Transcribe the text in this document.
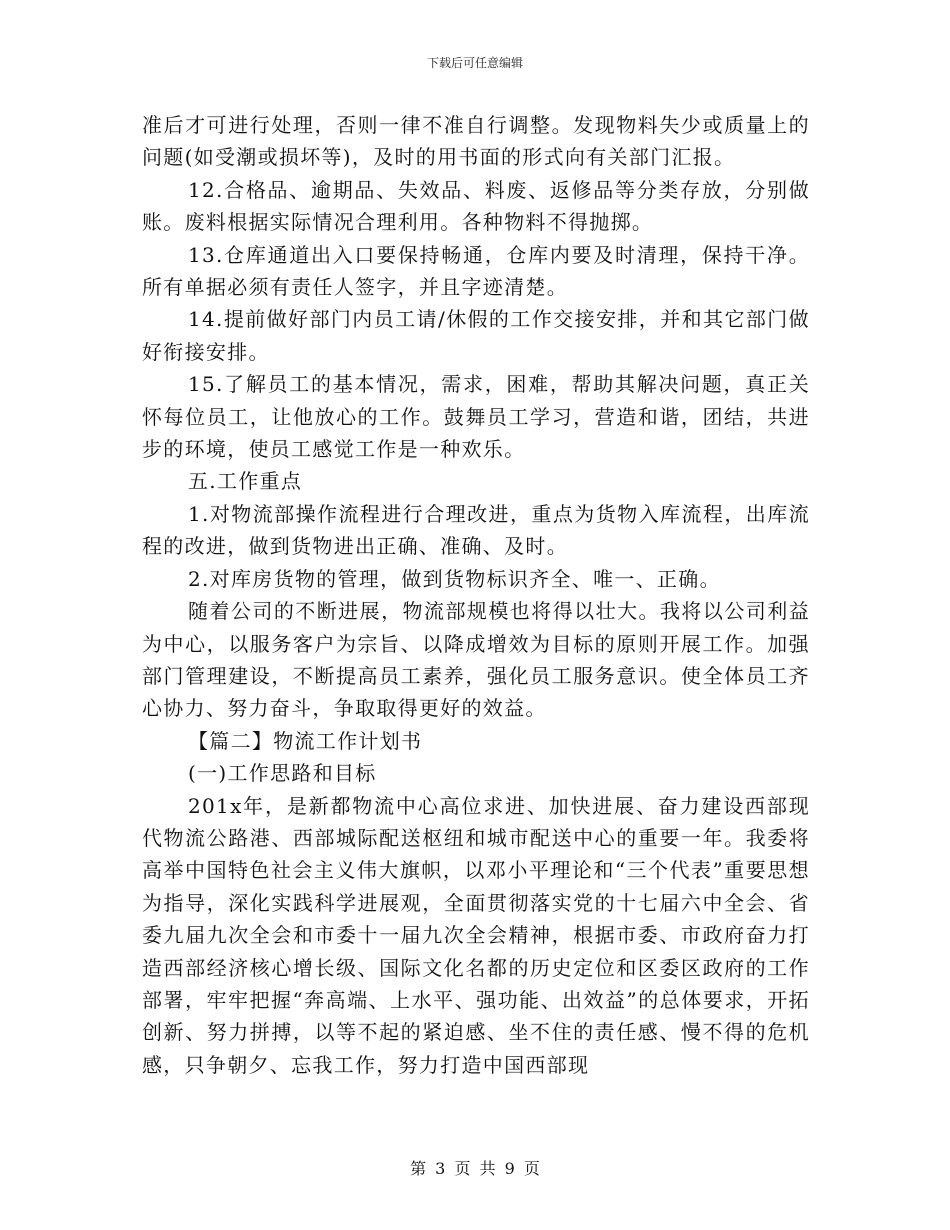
下载后可任意编辑

准后才可进行处理，否则一律不准自行调整。发现物料失少或质量上的问题(如受潮或损坏等)，及时的用书面的形式向有关部门汇报。

12.合格品、逾期品、失效品、料废、返修品等分类存放，分别做账。废料根据实际情况合理利用。各种物料不得抛掷。

13.仓库通道出入口要保持畅通，仓库内要及时清理，保持干净。所有单据必须有责任人签字，并且字迹清楚。

14.提前做好部门内员工请/休假的工作交接安排，并和其它部门做好衔接安排。

15.了解员工的基本情况，需求，困难，帮助其解决问题，真正关怀每位员工，让他放心的工作。鼓舞员工学习，营造和谐，团结，共进步的环境，使员工感觉工作是一种欢乐。

五.工作重点

1.对物流部操作流程进行合理改进，重点为货物入库流程，出库流程的改进，做到货物进出正确、准确、及时。

2.对库房货物的管理，做到货物标识齐全、唯一、正确。

随着公司的不断进展，物流部规模也将得以壮大。我将以公司利益为中心，以服务客户为宗旨、以降成增效为目标的原则开展工作。加强部门管理建设，不断提高员工素养，强化员工服务意识。使全体员工齐心协力、努力奋斗，争取取得更好的效益。

【篇二】物流工作计划书

(一)工作思路和目标

201x年，是新都物流中心高位求进、加快进展、奋力建设西部现代物流公路港、西部城际配送枢纽和城市配送中心的重要一年。我委将高举中国特色社会主义伟大旗帜，以邓小平理论和“三个代表”重要思想为指导，深化实践科学进展观，全面贯彻落实党的十七届六中全会、省委九届九次全会和市委十一届九次全会精神，根据市委、市政府奋力打造西部经济核心增长级、国际文化名都的历史定位和区委区政府的工作部署，牢牢把握“奔高端、上水平、强功能、出效益”的总体要求，开拓创新、努力拼搏，以等不起的紧迫感、坐不住的责任感、慢不得的危机感，只争朝夕、忘我工作，努力打造中国西部现

第 3 页 共 9 页
